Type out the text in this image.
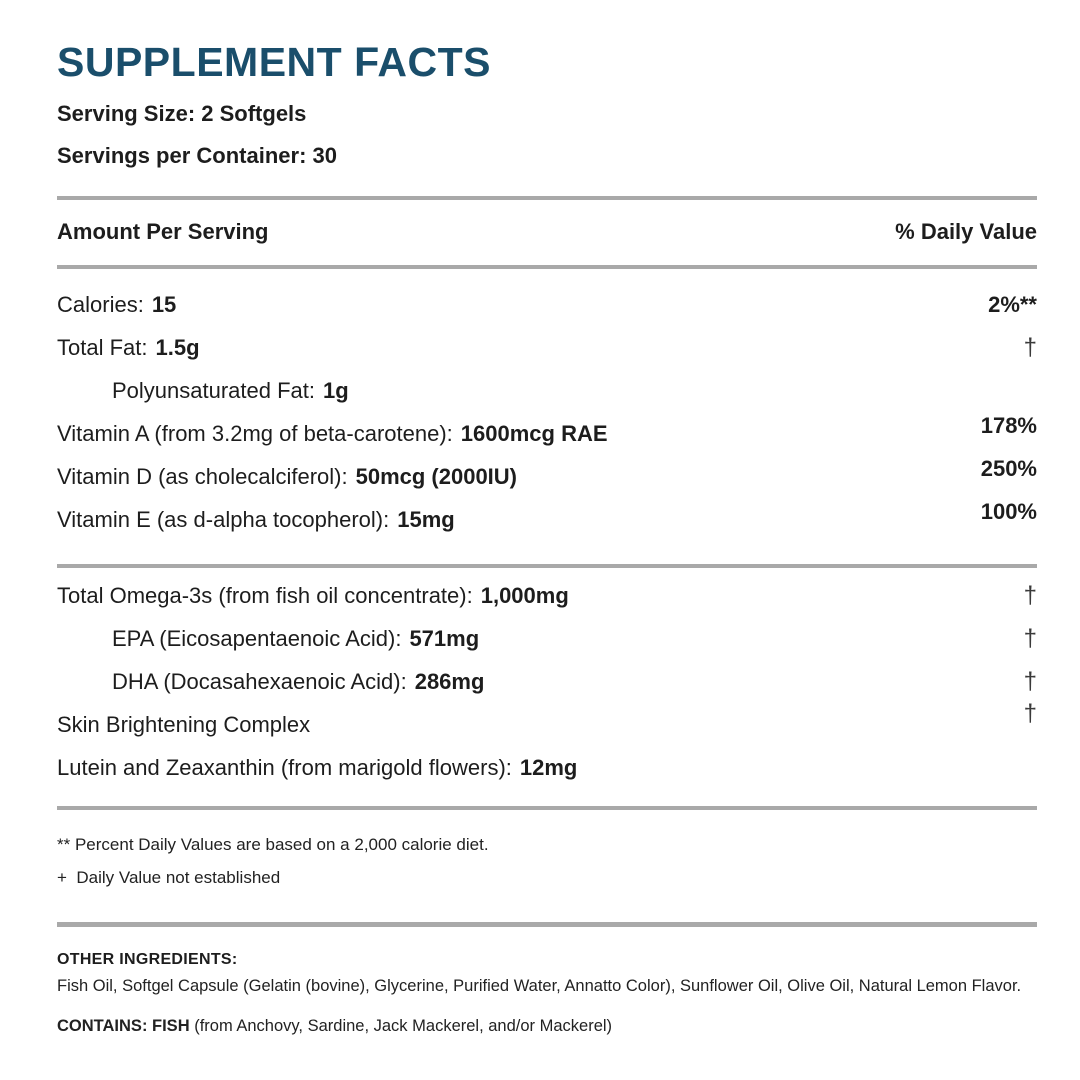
SUPPLEMENT FACTS
Serving Size: 2 Softgels
Servings per Container: 30
Amount Per Serving	% Daily Value
Calories: 15	2%**
Total Fat: 1.5g	†
Polyunsaturated Fat: 1g
Vitamin A (from 3.2mg of beta-carotene): 1600mcg RAE	178%
Vitamin D (as cholecalciferol): 50mcg (2000IU)	250%
Vitamin E (as d-alpha tocopherol): 15mg	100%
Total Omega-3s (from fish oil concentrate): 1,000mg	†
EPA (Eicosapentaenoic Acid): 571mg	†
DHA (Docasahexaenoic Acid): 286mg	†
Skin Brightening Complex	†
Lutein and Zeaxanthin (from marigold flowers): 12mg
** Percent Daily Values are based on a 2,000 calorie diet.
+  Daily Value not established
OTHER INGREDIENTS:
Fish Oil, Softgel Capsule (Gelatin (bovine), Glycerine, Purified Water, Annatto Color), Sunflower Oil, Olive Oil, Natural Lemon Flavor.
CONTAINS: FISH (from Anchovy, Sardine, Jack Mackerel, and/or Mackerel)
